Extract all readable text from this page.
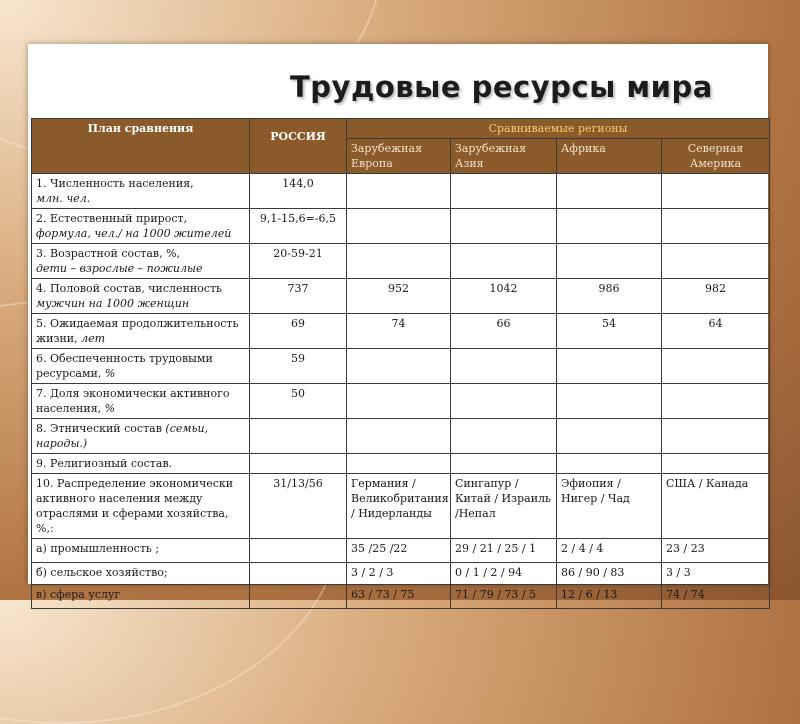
Трудовые ресурсы мира
План сравнения	РОССИЯ	Сравниваемые регионы			
		Зарубежная Европа	Зарубежная Азия	Африка	Северная Америка
1. Численность населения,
млн. чел.	144,0				
2. Естественный прирост,
формула, чел./ на 1000 жителей	9,1-15,6=-6,5				
3. Возрастной состав, %,
дети – взрослые – пожилые	20-59-21				
4. Половой состав, численность
мужчин на 1000 женщин	737	952	1042	986	982
5. Ожидаемая продолжительность жизни, лет	69	74	66	54	64
6. Обеспеченность трудовыми ресурсами, %	59				
7. Доля экономически активного населения, %	50				
8. Этнический состав (семьи, народы.)					
9. Религиозный состав.					
10. Распределение экономически активного населения между отраслями и сферами хозяйства, %,:	31/13/56	Германия / Великобритания / Нидерланды	Сингапур / Китай / Израиль /Непал	Эфиопия / Нигер / Чад	США / Канада
а) промышленность ;		35 /25 /22	29 / 21 / 25 / 1	2 / 4 / 4	23 / 23
б) сельское хозяйство;		3 / 2 / 3	0 / 1 / 2 / 94	86 / 90 / 83	3 / 3
в) сфера услуг		63 / 73 / 75	71 / 79 / 73 / 5	12 / 6 / 13	74 / 74
